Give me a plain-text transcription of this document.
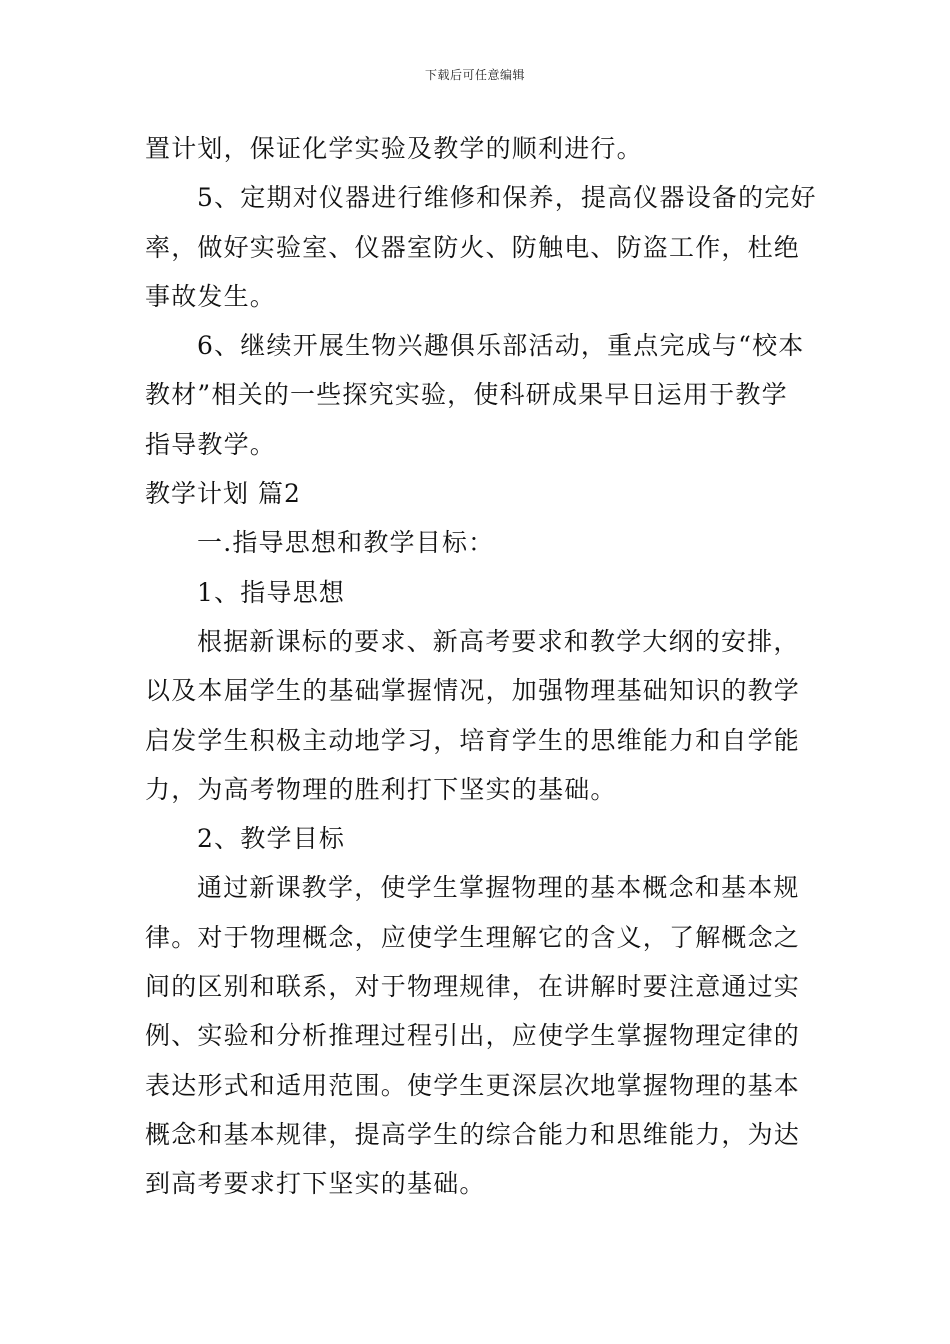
下载后可任意编辑
置计划，保证化学实验及教学的顺利进行。
5、定期对仪器进行维修和保养，提高仪器设备的完好
率，做好实验室、仪器室防火、防触电、防盗工作，杜绝
事故发生。
6、继续开展生物兴趣俱乐部活动，重点完成与“校本
教材”相关的一些探究实验，使科研成果早日运用于教学
指导教学。
教学计划 篇2
一.指导思想和教学目标：
1、指导思想
根据新课标的要求、新高考要求和教学大纲的安排，
以及本届学生的基础掌握情况，加强物理基础知识的教学
启发学生积极主动地学习，培育学生的思维能力和自学能
力，为高考物理的胜利打下坚实的基础。
2、教学目标
通过新课教学，使学生掌握物理的基本概念和基本规
律。对于物理概念，应使学生理解它的含义，了解概念之
间的区别和联系，对于物理规律，在讲解时要注意通过实
例、实验和分析推理过程引出，应使学生掌握物理定律的
表达形式和适用范围。使学生更深层次地掌握物理的基本
概念和基本规律，提高学生的综合能力和思维能力，为达
到高考要求打下坚实的基础。
